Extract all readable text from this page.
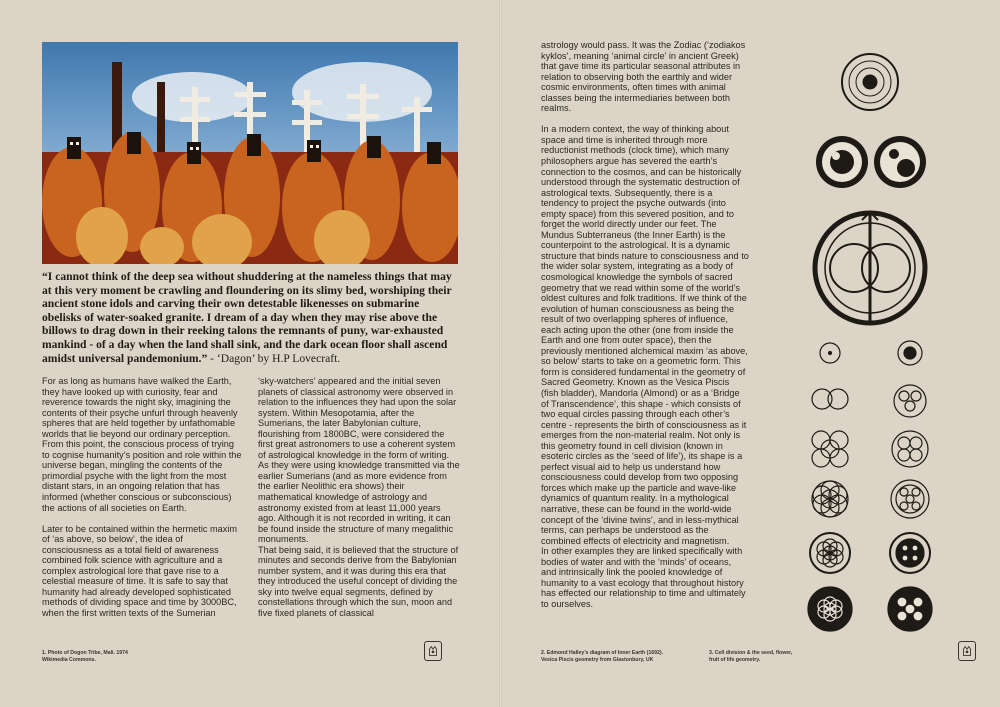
“I cannot think of the deep sea without shuddering at the nameless things that may at this very moment be crawling and floundering on its slimy bed, worshiping their ancient stone idols and carving their own detestable likenesses on submarine obelisks of water-soaked granite. I dream of a day when they may rise above the billows to drag down in their reeking talons the remnants of puny, war-exhausted mankind - of a day when the land shall sink, and the dark ocean floor shall ascend amidst universal pandemonium.” - ‘Dagon’ by H.P Lovecraft.

For as long as humans have walked the Earth, they have looked up with curiosity, fear and reverence towards the night sky, imagining the contents of their psyche unfurl through heavenly spheres that are held together by unfathomable worlds that lie beyond our ordinary perception. From this point, the conscious process of trying to cognise humanity’s position and role within the universe began, mingling the contents of the primordial psyche with the light from the most distant stars, in an ongoing relation that has informed (whether conscious or subconscious) the actions of all societies on Earth.

Later to be contained within the hermetic maxim of ‘as above, so below’, the idea of consciousness as a total field of awareness combined folk science with agriculture and a complex astrological lore that gave rise to a celestial measure of time. It is safe to say that humanity had already developed sophisticated methods of dividing space and time by 3000BC, when the first written texts of the Sumerian

‘sky-watchers’ appeared and the initial seven planets of classical astronomy were observed in relation to the influences they had upon the solar system. Within Mesopotamia, after the Sumerians, the later Babylonian culture, flourishing from 1800BC, were considered the first great astronomers to use a coherent system of astrological knowledge in the form of writing. As they were using knowledge transmitted via the earlier Sumerians (and as more evidence from the earlier Neolithic era shows) their mathematical knowledge of astrology and astronomy existed from at least 11,000 years ago. Although it is not recorded in writing, it can be found inside the structure of many megalithic monuments.

That being said, it is believed that the structure of minutes and seconds derive from the Babylonian number system, and it was during this era that they introduced the useful concept of dividing the sky into twelve equal segments, defined by constellations through which the sun, moon and five fixed planets of classical

astrology would pass. It was the Zodiac (‘zodiakos kyklos’, meaning ‘animal circle’ in ancient Greek) that gave time its particular seasonal attributes in relation to observing both the earthly and wider cosmic environments, often times with animal classes being the intermediaries between both realms.

In a modern context, the way of thinking about space and time is inherited through more reductionist methods (clock time), which many philosophers argue has severed the earth’s connection to the cosmos, and can be historically understood through the systematic destruction of astrological texts. Subsequently, there is a tendency to project the psyche outwards (into empty space) from this severed position, and to forget the world directly under our feet. The Mundus Subterraneus (the Inner Earth) is the counterpoint to the astrological. It is a dynamic structure that binds nature to consciousness and to the wider solar system, integrating as a body of cosmological knowledge the symbols of sacred geometry that we read within some of the world’s oldest cultures and folk traditions. If we think of the evolution of human consciousness as being the result of two overlapping spheres of influence, each acting upon the other (one from inside the Earth and one from outer space), then the previously mentioned alchemical maxim ‘as above, so below’ starts to take on a geometric form. This form is considered fundamental in the geometry of Sacred Geometry. Known as the Vesica Piscis (fish bladder), Mandorla (Almond) or as a ‘Bridge of Transcendence’, this shape - which consists of two equal circles passing through each other’s centre - represents the birth of consciousness as it emerges from the non-material realm. Not only is this geometry found in cell division (known in esoteric circles as the ‘seed of life’), its shape is a perfect visual aid to help us understand how consciousness could develop from two opposing forces which make up the particle and wave-like dynamics of quantum reality. In a mythological narrative, these can be found in the world-wide concept of the ‘divine twins’, and in less-mythical terms, can perhaps be understood as the combined effects of electricity and magnetism.

In other examples they are linked specifically with bodies of water and with the ‘minds’ of oceans, and intrinsically link the pooled knowledge of humanity to a vast ecology that throughout history has effected our relationship to time and ultimately to ourselves.

1. Photo of Dogon Tribe, Mali. 1974
Wikimedia Commons.
2. Edmond Halley’s diagram of Inner Earth (1692).
Vesica Piscis geometry from Glastonbury, UK
3. Cell division & the seed, flower,
fruit of life geometry.
